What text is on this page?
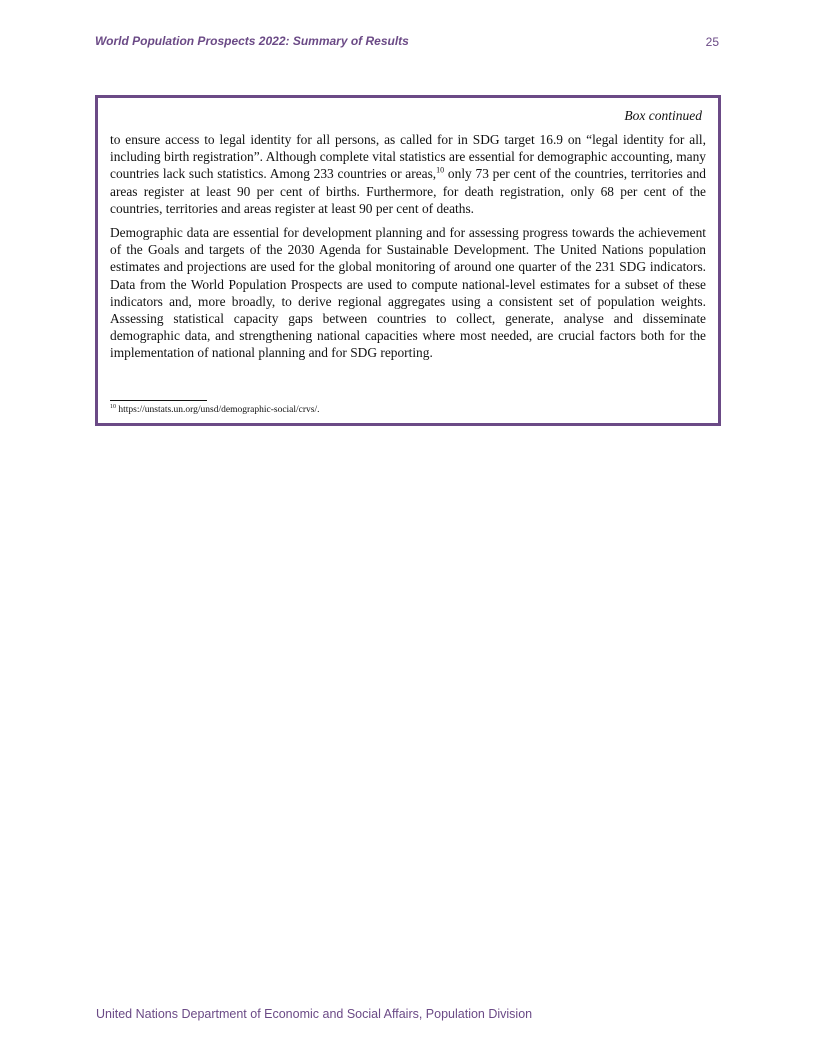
World Population Prospects 2022: Summary of Results	25
Box continued

to ensure access to legal identity for all persons, as called for in SDG target 16.9 on “legal identity for all, including birth registration”. Although complete vital statistics are essential for demographic accounting, many countries lack such statistics. Among 233 countries or areas,$^{10}$ only 73 per cent of the countries, territories and areas register at least 90 per cent of births. Furthermore, for death registration, only 68 per cent of the countries, territories and areas register at least 90 per cent of deaths.

Demographic data are essential for development planning and for assessing progress towards the achievement of the Goals and targets of the 2030 Agenda for Sustainable Development. The United Nations population estimates and projections are used for the global monitoring of around one quarter of the 231 SDG indicators. Data from the World Population Prospects are used to compute national-level estimates for a subset of these indicators and, more broadly, to derive regional aggregates using a consistent set of population weights. Assessing statistical capacity gaps between countries to collect, generate, analyse and disseminate demographic data, and strengthening national capacities where most needed, are crucial factors both for the implementation of national planning and for SDG reporting.

$^{10}$ https://unstats.un.org/unsd/demographic-social/crvs/.
United Nations Department of Economic and Social Affairs, Population Division
